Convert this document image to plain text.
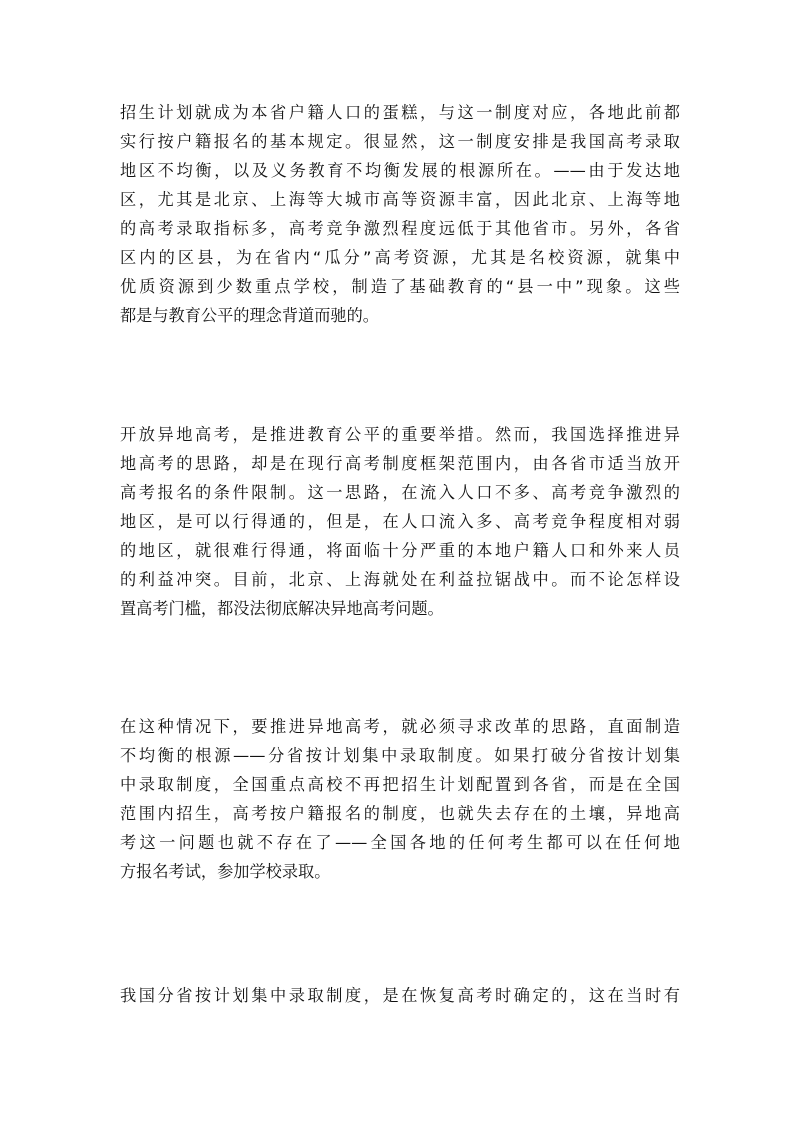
招生计划就成为本省户籍人口的蛋糕，与这一制度对应，各地此前都
实行按户籍报名的基本规定。很显然，这一制度安排是我国高考录取
地区不均衡，以及义务教育不均衡发展的根源所在。——由于发达地
区，尤其是北京、上海等大城市高等资源丰富，因此北京、上海等地
的高考录取指标多，高考竞争激烈程度远低于其他省市。另外，各省
区内的区县，为在省内“瓜分”高考资源，尤其是名校资源，就集中
优质资源到少数重点学校，制造了基础教育的“县一中”现象。这些
都是与教育公平的理念背道而驰的。
开放异地高考，是推进教育公平的重要举措。然而，我国选择推进异
地高考的思路，却是在现行高考制度框架范围内，由各省市适当放开
高考报名的条件限制。这一思路，在流入人口不多、高考竞争激烈的
地区，是可以行得通的，但是，在人口流入多、高考竞争程度相对弱
的地区，就很难行得通，将面临十分严重的本地户籍人口和外来人员
的利益冲突。目前，北京、上海就处在利益拉锯战中。而不论怎样设
置高考门槛，都没法彻底解决异地高考问题。
在这种情况下，要推进异地高考，就必须寻求改革的思路，直面制造
不均衡的根源——分省按计划集中录取制度。如果打破分省按计划集
中录取制度，全国重点高校不再把招生计划配置到各省，而是在全国
范围内招生，高考按户籍报名的制度，也就失去存在的土壤，异地高
考这一问题也就不存在了——全国各地的任何考生都可以在任何地
方报名考试，参加学校录取。
我国分省按计划集中录取制度，是在恢复高考时确定的，这在当时有
